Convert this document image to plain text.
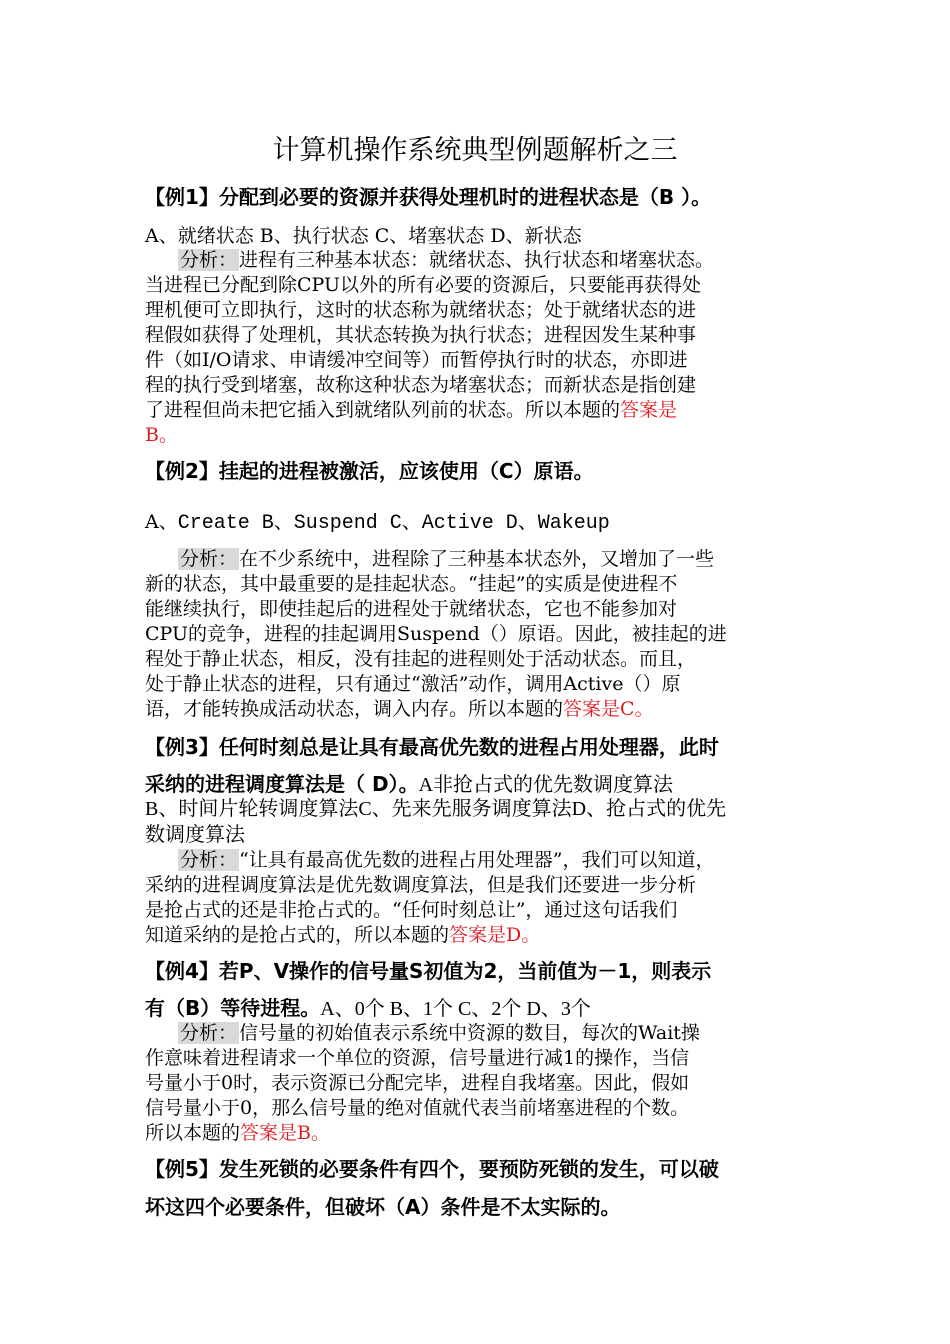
计算机操作系统典型例题解析之三
【例1】分配到必要的资源并获得处理机时的进程状态是（B ）。
A、就绪状态 B、执行状态 C、堵塞状态 D、新状态
分析： 进程有三种基本状态：就绪状态、执行状态和堵塞状态。
当进程已分配到除CPU以外的所有必要的资源后，只要能再获得处
理机便可立即执行，这时的状态称为就绪状态；处于就绪状态的进
程假如获得了处理机，其状态转换为执行状态；进程因发生某种事
件（如I/O请求、申请缓冲空间等）而暂停执行时的状态，亦即进
程的执行受到堵塞，故称这种状态为堵塞状态；而新状态是指创建
了进程但尚未把它插入到就绪队列前的状态。所以本题的答案是
B。
【例2】挂起的进程被激活，应该使用（C）原语。
A、Create B、Suspend C、Active D、Wakeup
分析： 在不少系统中，进程除了三种基本状态外，又增加了一些
新的状态，其中最重要的是挂起状态。“挂起”的实质是使进程不
能继续执行，即使挂起后的进程处于就绪状态，它也不能参加对
CPU的竞争，进程的挂起调用Suspend（）原语。因此，被挂起的进
程处于静止状态，相反，没有挂起的进程则处于活动状态。而且，
处于静止状态的进程，只有通过“激活”动作，调用Active（）原
语，才能转换成活动状态，调入内存。所以本题的答案是C。
【例3】任何时刻总是让具有最高优先数的进程占用处理器，此时
采纳的进程调度算法是（ D）。A非抢占式的优先数调度算法
B、时间片轮转调度算法C、先来先服务调度算法D、抢占式的优先
数调度算法
分析： “让具有最高优先数的进程占用处理器”，我们可以知道，
采纳的进程调度算法是优先数调度算法，但是我们还要进一步分析
是抢占式的还是非抢占式的。“任何时刻总让”，通过这句话我们
知道采纳的是抢占式的，所以本题的答案是D。
【例4】若P、V操作的信号量S初值为2，当前值为－1，则表示
有（B）等待进程。A、0个 B、1个 C、2个 D、3个
分析： 信号量的初始值表示系统中资源的数目，每次的Wait操
作意味着进程请求一个单位的资源，信号量进行减1的操作，当信
号量小于0时，表示资源已分配完毕，进程自我堵塞。因此，假如
信号量小于0，那么信号量的绝对值就代表当前堵塞进程的个数。
所以本题的答案是B。
【例5】发生死锁的必要条件有四个，要预防死锁的发生，可以破
坏这四个必要条件，但破坏（A）条件是不太实际的。
